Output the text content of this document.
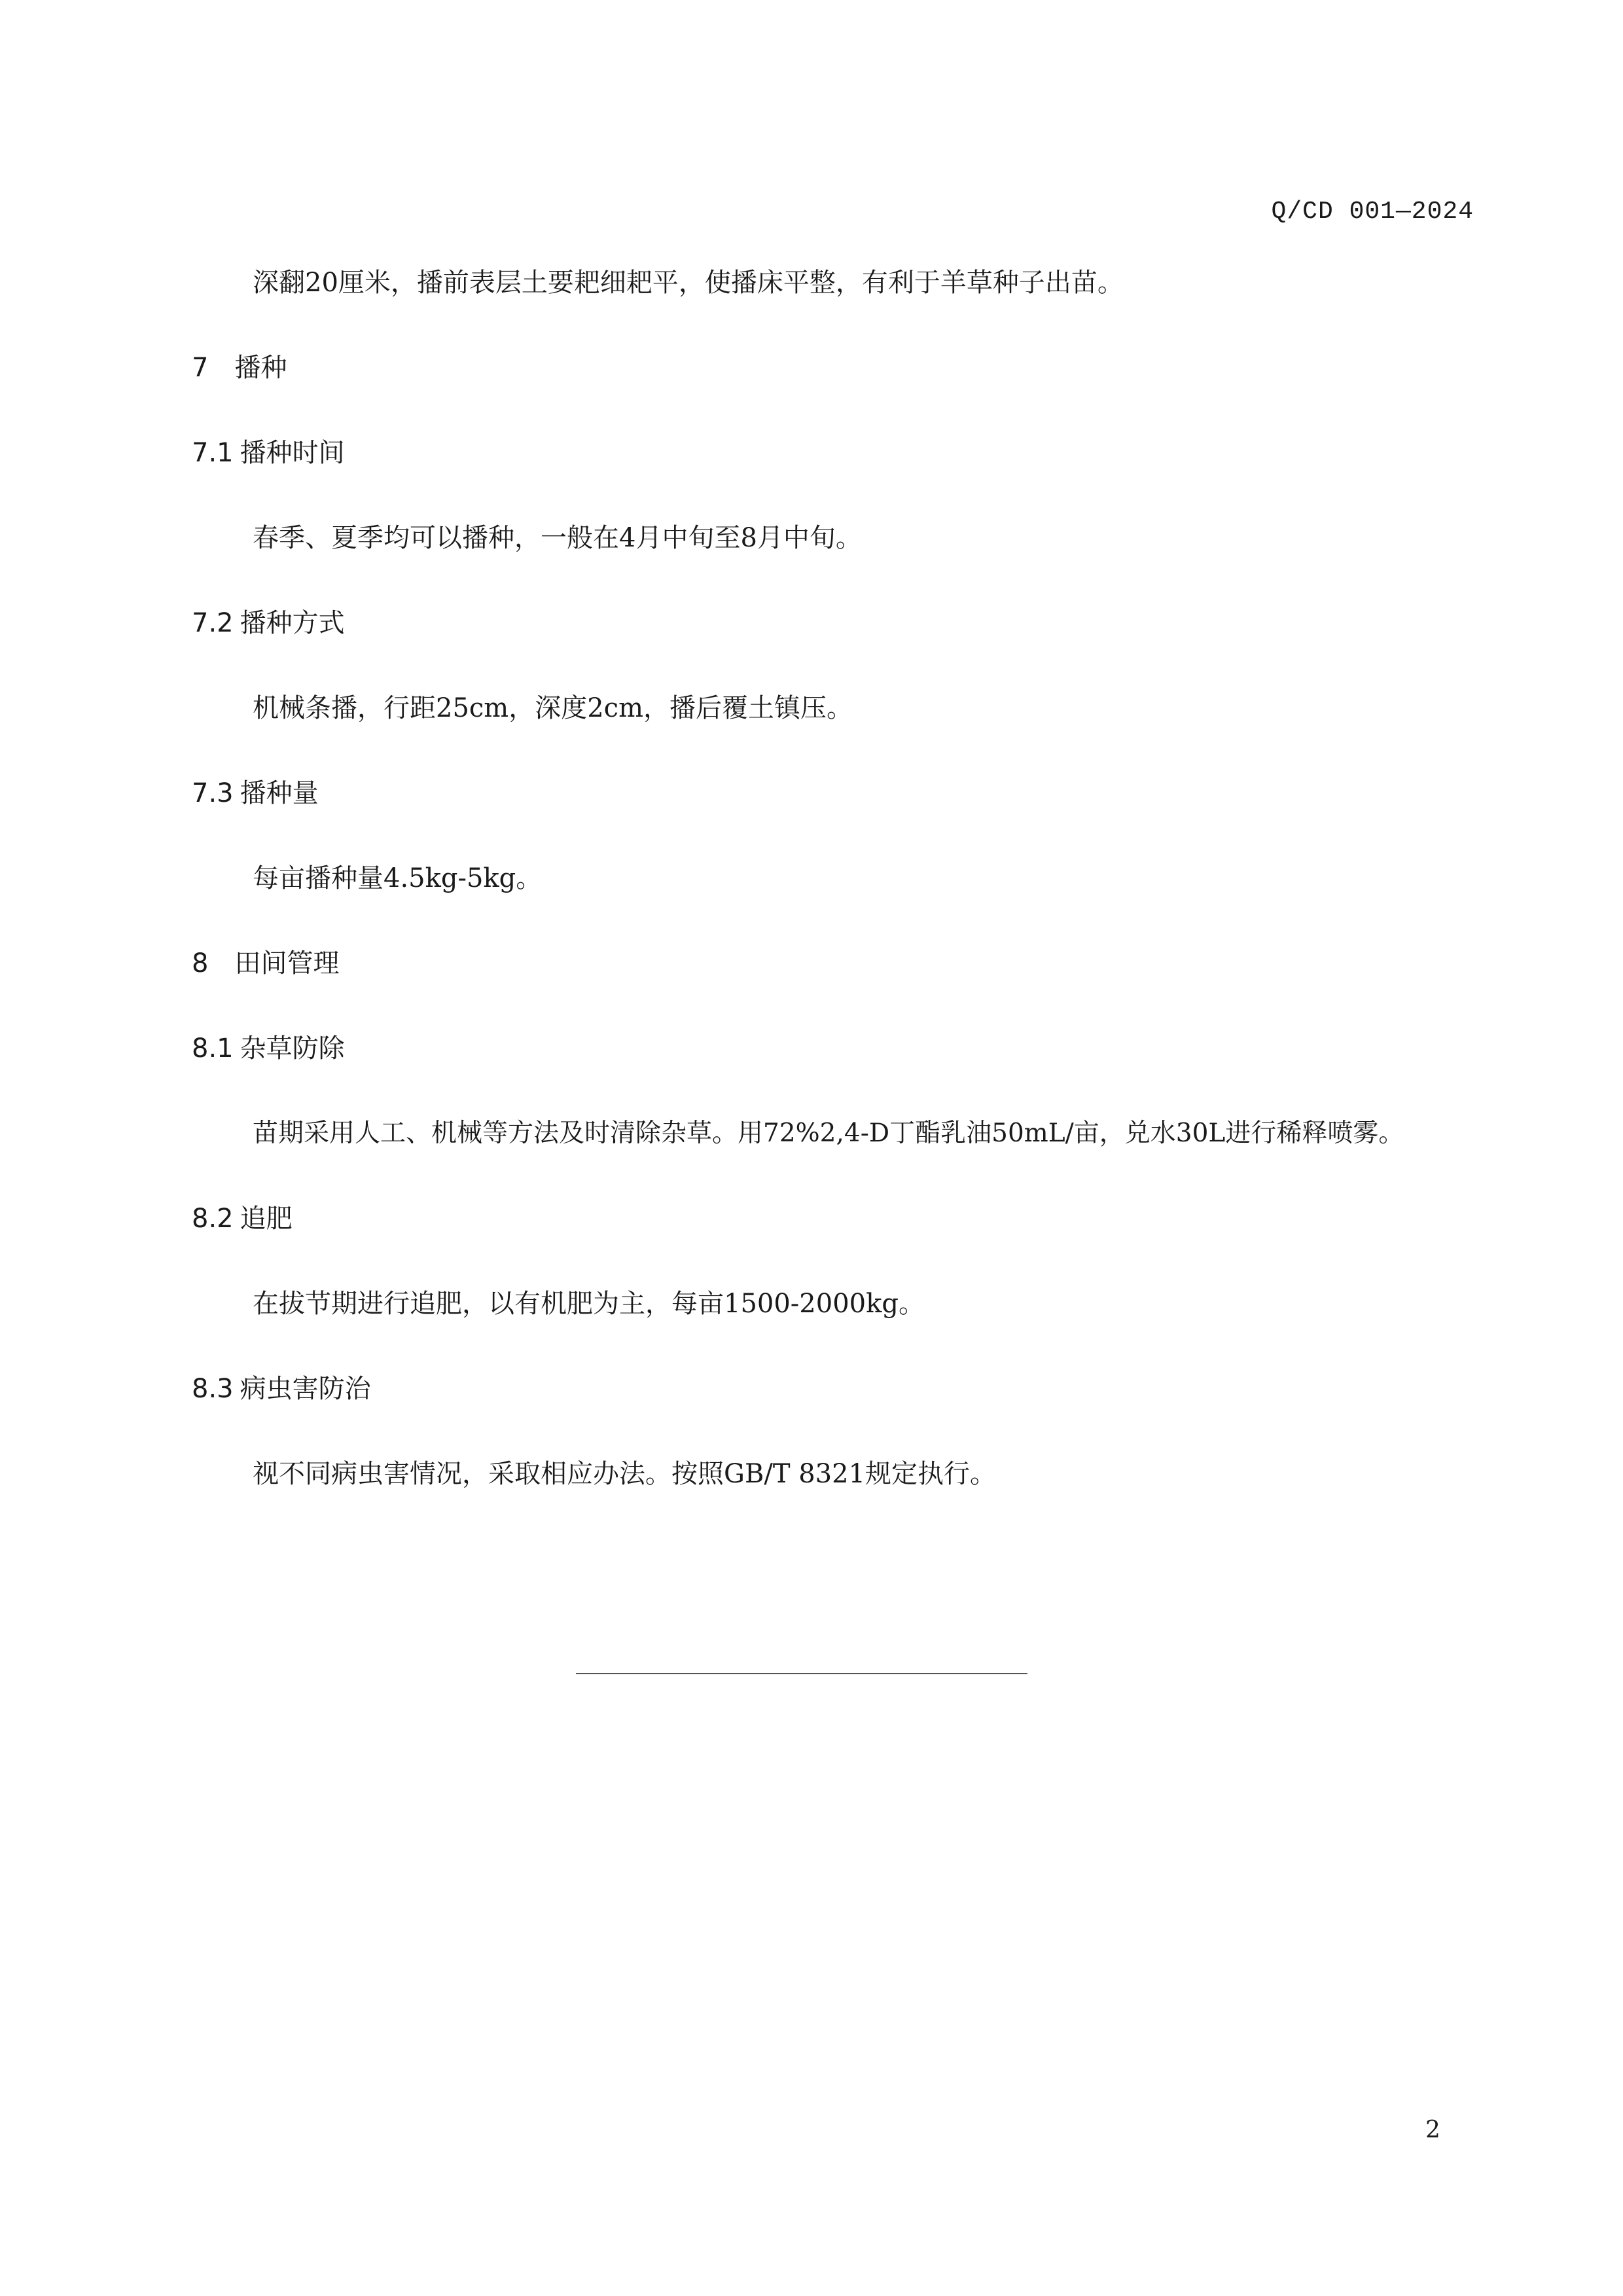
Q/CD 001—2024
深翻20厘米，播前表层土要耙细耙平，使播床平整，有利于羊草种子出苗。
7 播种
7.1 播种时间
春季、夏季均可以播种，一般在4月中旬至8月中旬。
7.2 播种方式
机械条播，行距25cm，深度2cm，播后覆土镇压。
7.3 播种量
每亩播种量4.5kg-5kg。
8 田间管理
8.1 杂草防除
苗期采用人工、机械等方法及时清除杂草。用72%2,4-D丁酯乳油50mL/亩，兑水30L进行稀释喷雾。
8.2 追肥
在拔节期进行追肥，以有机肥为主，每亩1500-2000kg。
8.3 病虫害防治
视不同病虫害情况，采取相应办法。按照GB/T 8321规定执行。
2
